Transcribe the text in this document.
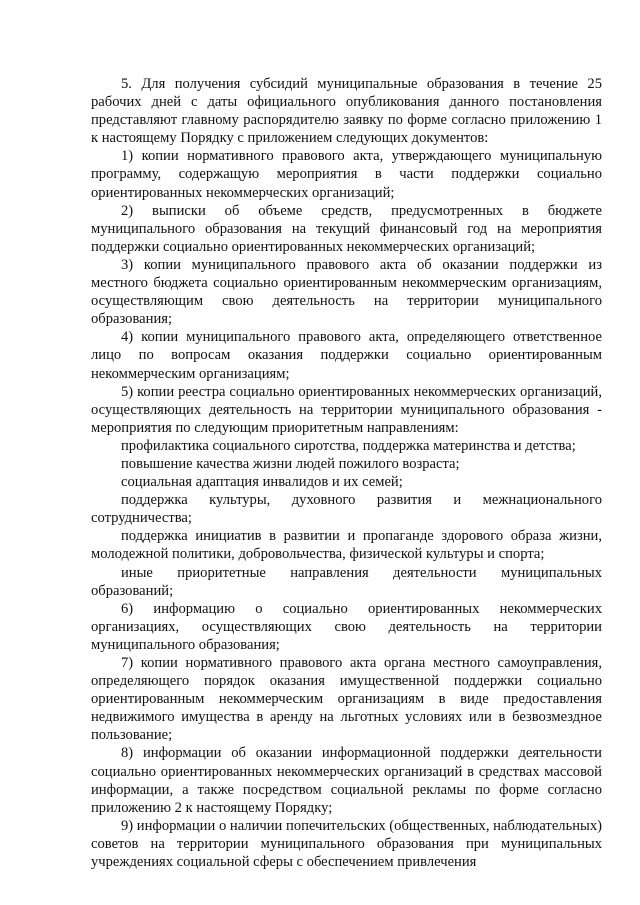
5. Для получения субсидий муниципальные образования в течение 25 рабочих дней с даты официального опубликования данного постановления представляют главному распорядителю заявку по форме согласно приложению 1 к настоящему Порядку с приложением следующих документов:

1) копии нормативного правового акта, утверждающего муниципальную программу, содержащую мероприятия в части поддержки социально ориентированных некоммерческих организаций;

2) выписки об объеме средств, предусмотренных в бюджете муниципального образования на текущий финансовый год на мероприятия поддержки социально ориентированных некоммерческих организаций;

3) копии муниципального правового акта об оказании поддержки из местного бюджета социально ориентированным некоммерческим организациям, осуществляющим свою деятельность на территории муниципального образования;

4) копии муниципального правового акта, определяющего ответственное лицо по вопросам оказания поддержки социально ориентированным некоммерческим организациям;

5) копии реестра социально ориентированных некоммерческих организаций, осуществляющих деятельность на территории муниципального образования - мероприятия по следующим приоритетным направлениям:

профилактика социального сиротства, поддержка материнства и детства;

повышение качества жизни людей пожилого возраста;

социальная адаптация инвалидов и их семей;

поддержка культуры, духовного развития и межнационального сотрудничества;

поддержка инициатив в развитии и пропаганде здорового образа жизни, молодежной политики, добровольчества, физической культуры и спорта;

иные приоритетные направления деятельности муниципальных образований;

6) информацию о социально ориентированных некоммерческих организациях, осуществляющих свою деятельность на территории муниципального образования;

7) копии нормативного правового акта органа местного самоуправления, определяющего порядок оказания имущественной поддержки социально ориентированным некоммерческим организациям в виде предоставления недвижимого имущества в аренду на льготных условиях или в безвозмездное пользование;

8) информации об оказании информационной поддержки деятельности социально ориентированных некоммерческих организаций в средствах массовой информации, а также посредством социальной рекламы по форме согласно приложению 2 к настоящему Порядку;

9) информации о наличии попечительских (общественных, наблюдательных) советов на территории муниципального образования при муниципальных учреждениях социальной сферы с обеспечением привлечения
